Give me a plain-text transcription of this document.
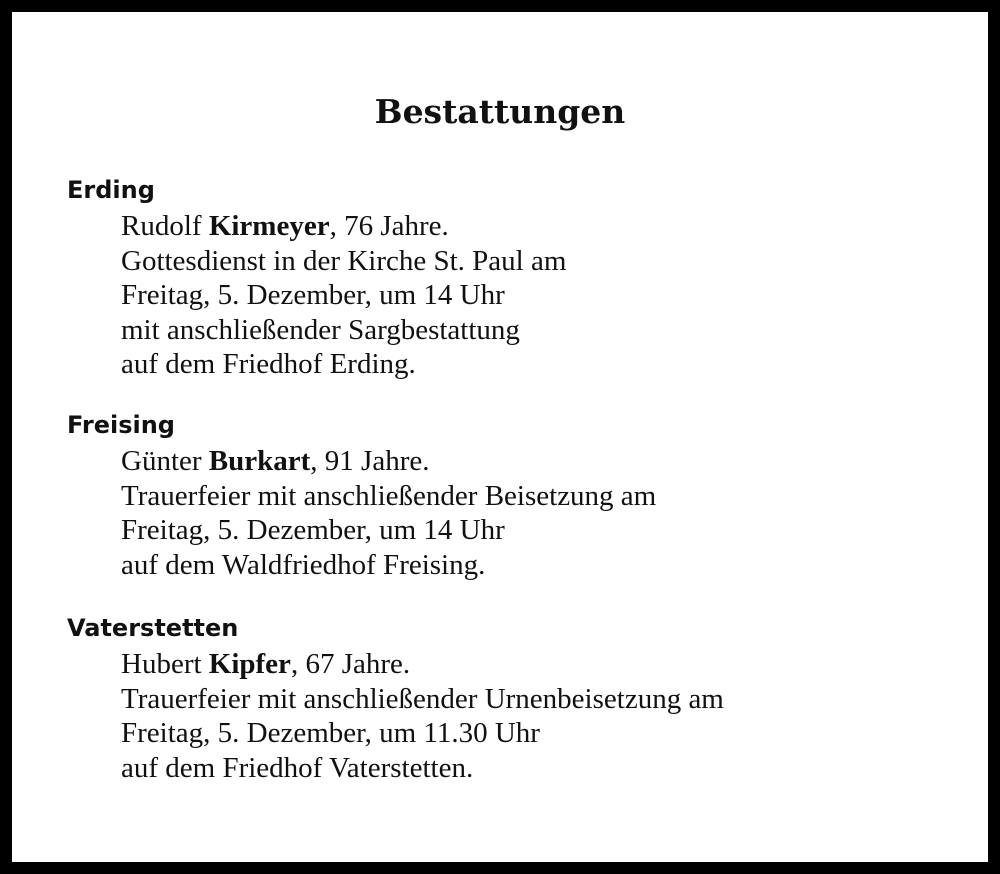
Bestattungen
Erding
Rudolf Kirmeyer, 76 Jahre.
Gottesdienst in der Kirche St. Paul am
Freitag, 5. Dezember, um 14 Uhr
mit anschließender Sargbestattung
auf dem Friedhof Erding.
Freising
Günter Burkart, 91 Jahre.
Trauerfeier mit anschließender Beisetzung am
Freitag, 5. Dezember, um 14 Uhr
auf dem Waldfriedhof Freising.
Vaterstetten
Hubert Kipfer, 67 Jahre.
Trauerfeier mit anschließender Urnenbeisetzung am
Freitag, 5. Dezember, um 11.30 Uhr
auf dem Friedhof Vaterstetten.
